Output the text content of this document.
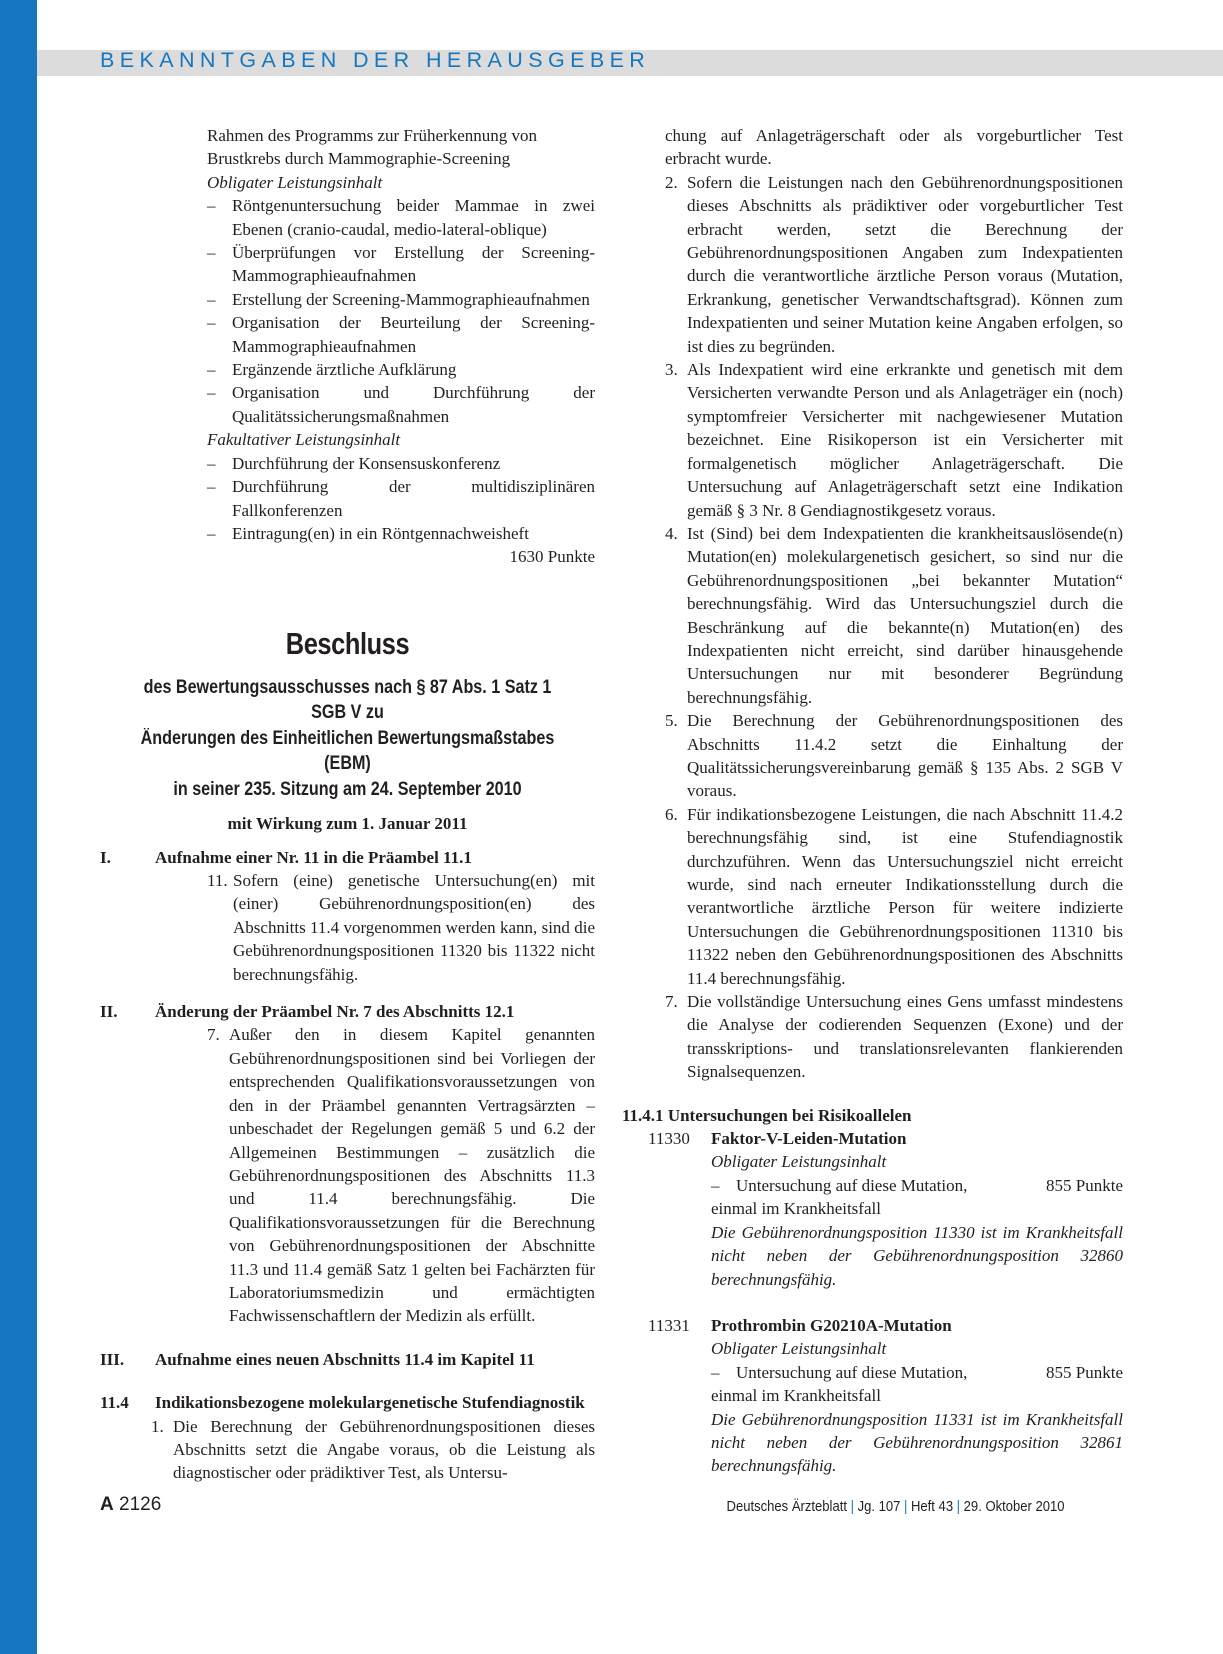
BEKANNTGABEN DER HERAUSGEBER

Rahmen des Programms zur Früherkennung von

Brustkrebs durch Mammographie-Screening

Obligater Leistungsinhalt

– Röntgenuntersuchung beider Mammae in zwei Ebenen (cranio-caudal, medio-lateral-oblique)

– Überprüfungen vor Erstellung der Screening-Mammographieaufnahmen

– Erstellung der Screening-Mammographieaufnahmen

– Organisation der Beurteilung der Screening-Mammographieaufnahmen

– Ergänzende ärztliche Aufklärung

– Organisation und Durchführung der Qualitätssicherungsmaßnahmen

Fakultativer Leistungsinhalt

– Durchführung der Konsensuskonferenz

– Durchführung der multidisziplinären Fallkonferenzen

– Eintragung(en) in ein Röntgennachweisheft

1630 Punkte

Beschluss
des Bewertungsausschusses nach § 87 Abs. 1 Satz 1 SGB V zu
Änderungen des Einheitlichen Bewertungsmaßstabes (EBM)
in seiner 235. Sitzung am 24. September 2010

mit Wirkung zum 1. Januar 2011

I.	Aufnahme einer Nr. 11 in die Präambel 11.1

11. Sofern (eine) genetische Untersuchung(en) mit (einer) Gebührenordnungsposition(en) des Abschnitts 11.4 vorgenommen werden kann, sind die Gebührenordnungspositionen 11320 bis 11322 nicht berechnungsfähig.

II. Änderung der Präambel Nr. 7 des Abschnitts 12.1

7. Außer den in diesem Kapitel genannten Gebührenordnungspositionen sind bei Vorliegen der entsprechenden Qualifikationsvoraussetzungen von den in der Präambel genannten Vertragsärzten – unbeschadet der Regelungen gemäß 5 und 6.2 der Allgemeinen Bestimmungen – zusätzlich die Gebührenordnungspositionen des Abschnitts 11.3 und 11.4 berechnungsfähig. Die Qualifikationsvoraussetzungen für die Berechnung von Gebührenordnungspositionen der Abschnitte 11.3 und 11.4 gemäß Satz 1 gelten bei Fachärzten für Laboratoriumsmedizin und ermächtigten Fachwissenschaftlern der Medizin als erfüllt.

III. Aufnahme eines neuen Abschnitts 11.4 im Kapitel 11

11.4 Indikationsbezogene molekulargenetische Stufendiagnostik

1. Die Berechnung der Gebührenordnungspositionen dieses Abschnitts setzt die Angabe voraus, ob die Leistung als diagnostischer oder prädiktiver Test, als Untersu-

chung auf Anlageträgerschaft oder als vorgeburtlicher Test erbracht wurde.

2. Sofern die Leistungen nach den Gebührenordnungspositionen dieses Abschnitts als prädiktiver oder vorgeburtlicher Test erbracht werden, setzt die Berechnung der Gebührenordnungspositionen Angaben zum Indexpatienten durch die verantwortliche ärztliche Person voraus (Mutation, Erkrankung, genetischer Verwandtschaftsgrad). Können zum Indexpatienten und seiner Mutation keine Angaben erfolgen, so ist dies zu begründen.

3. Als Indexpatient wird eine erkrankte und genetisch mit dem Versicherten verwandte Person und als Anlageträger ein (noch) symptomfreier Versicherter mit nachgewiesener Mutation bezeichnet. Eine Risikoperson ist ein Versicherter mit formalgenetisch möglicher Anlageträgerschaft. Die Untersuchung auf Anlageträgerschaft setzt eine Indikation gemäß § 3 Nr. 8 Gendiagnostikgesetz voraus.

4. Ist (Sind) bei dem Indexpatienten die krankheitsauslösende(n) Mutation(en) molekulargenetisch gesichert, so sind nur die Gebührenordnungspositionen „bei bekannter Mutation“ berechnungsfähig. Wird das Untersuchungsziel durch die Beschränkung auf die bekannte(n) Mutation(en) des Indexpatienten nicht erreicht, sind darüber hinausgehende Untersuchungen nur mit besonderer Begründung berechnungsfähig.

5. Die Berechnung der Gebührenordnungspositionen des Abschnitts 11.4.2 setzt die Einhaltung der Qualitätssicherungsvereinbarung gemäß § 135 Abs. 2 SGB V voraus.

6. Für indikationsbezogene Leistungen, die nach Abschnitt 11.4.2 berechnungsfähig sind, ist eine Stufendiagnostik durchzuführen. Wenn das Untersuchungsziel nicht erreicht wurde, sind nach erneuter Indikationsstellung durch die verantwortliche ärztliche Person für weitere indizierte Untersuchungen die Gebührenordnungspositionen 11310 bis 11322 neben den Gebührenordnungspositionen des Abschnitts 11.4 berechnungsfähig.

7. Die vollständige Untersuchung eines Gens umfasst mindestens die Analyse der codierenden Sequenzen (Exone) und der transskriptions- und translationsrelevanten flankierenden Signalsequenzen.

11.4.1 Untersuchungen bei Risikoallelen

11330 Faktor-V-Leiden-Mutation

Obligater Leistungsinhalt

– Untersuchung auf diese Mutation,	855 Punkte

einmal im Krankheitsfall

Die Gebührenordnungsposition 11330 ist im Krankheitsfall nicht neben der Gebührenordnungsposition 32860 berechnungsfähig.

11331 Prothrombin G20210A-Mutation

Obligater Leistungsinhalt

– Untersuchung auf diese Mutation,	855 Punkte

einmal im Krankheitsfall

Die Gebührenordnungsposition 11331 ist im Krankheitsfall nicht neben der Gebührenordnungsposition 32861 berechnungsfähig.

A 2126	Deutsches Ärzteblatt | Jg. 107 | Heft 43 | 29. Oktober 2010
